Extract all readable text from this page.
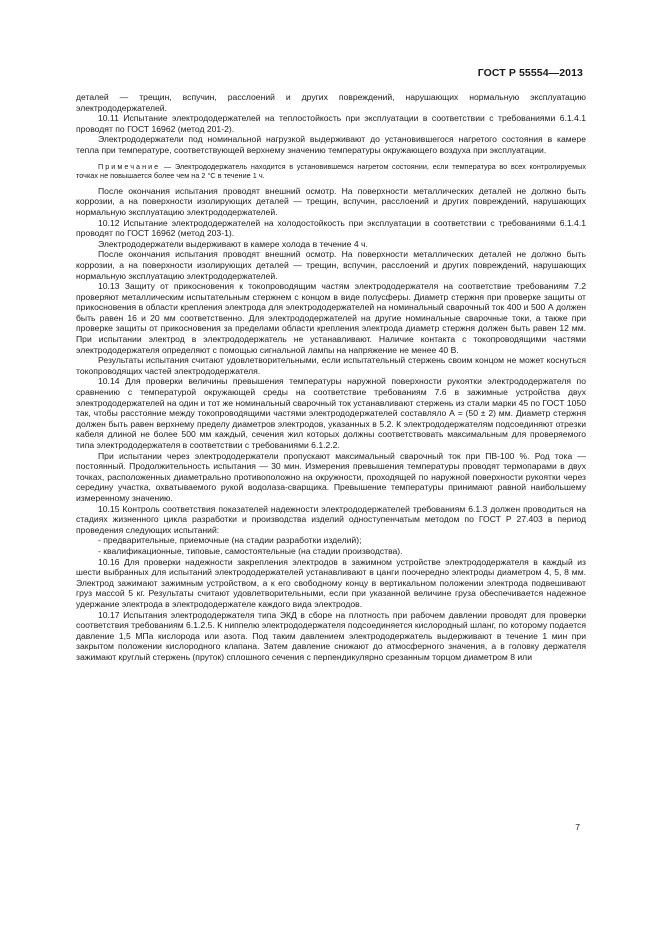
ГОСТ Р 55554—2013

деталей — трещин, вспучин, расслоений и других повреждений, нарушающих нормальную эксплуатацию электрододержателей.

10.11 Испытание электрододержателей на теплостойкость при эксплуатации в соответствии с требованиями 6.1.4.1 проводят по ГОСТ 16962 (метод 201-2).

Электрододержатели под номинальной нагрузкой выдерживают до установившегося нагретого состояния в камере тепла при температуре, соответствующей верхнему значению температуры окружающего воздуха при эксплуатации.

Примечание — Электрододержатель находится в установившемся нагретом состоянии, если температура во всех контролируемых точках не повышается более чем на 2 °С в течение 1 ч.

После окончания испытания проводят внешний осмотр. На поверхности металлических деталей не должно быть коррозии, а на поверхности изолирующих деталей — трещин, вспучин, расслоений и других повреждений, нарушающих нормальную эксплуатацию электрододержателей.

10.12 Испытание электрододержателей на холодостойкость при эксплуатации в соответствии с требованиями 6.1.4.1 проводят по ГОСТ 16962 (метод 203-1).

Электрододержатели выдерживают в камере холода в течение 4 ч.

После окончания испытания проводят внешний осмотр. На поверхности металлических деталей не должно быть коррозии, а на поверхности изолирующих деталей — трещин, вспучин, расслоений и других повреждений, нарушающих нормальную эксплуатацию электрододержателей.

10.13 Защиту от прикосновения к токопроводящим частям электрододержателя на соответствие требованиям 7.2 проверяют металлическим испытательным стержнем с концом в виде полусферы. Диаметр стержня при проверке защиты от прикосновения в области крепления электрода для электрододержателей на номинальный сварочный ток 400 и 500 А должен быть равен 16 и 20 мм соответственно. Для электрододержателей на другие номинальные сварочные токи, а также при проверке защиты от прикосновения за пределами области крепления электрода диаметр стержня должен быть равен 12 мм. При испытании электрод в электрододержатель не устанавливают. Наличие контакта с токопроводящими частями электрододержателя определяют с помощью сигнальной лампы на напряжение не менее 40 В.

Результаты испытания считают удовлетворительными, если испытательный стержень своим концом не может коснуться токопроводящих частей электрододержателя.

10.14 Для проверки величины превышения температуры наружной поверхности рукоятки электрододержателя по сравнению с температурой окружающей среды на соответствие требованиям 7.6 в зажимные устройства двух электрододержателей на один и тот же номинальный сварочный ток устанавливают стержень из стали марки 45 по ГОСТ 1050 так, чтобы расстояние между токопроводящими частями электрододержателей составляло А = (50 ± 2) мм. Диаметр стержня должен быть равен верхнему пределу диаметров электродов, указанных в 5.2. К электрододержателям подсоединяют отрезки кабеля длиной не более 500 мм каждый, сечения жил которых должны соответствовать максимальным для проверяемого типа электрододержателя в соответствии с требованиями 6.1.2.2.

При испытании через электрододержатели пропускают максимальный сварочный ток при ПВ-100 %. Род тока — постоянный. Продолжительность испытания — 30 мин. Измерения превышения температуры проводят термопарами в двух точках, расположенных диаметрально противоположно на окружности, проходящей по наружной поверхности рукоятки через середину участка, охватываемого рукой водолаза-сварщика. Превышение температуры принимают равной наибольшему измеренному значению.

10.15 Контроль соответствия показателей надежности электрододержателей требованиям 6.1.3 должен проводиться на стадиях жизненного цикла разработки и производства изделий одноступенчатым методом по ГОСТ Р 27.403 в период проведения следующих испытаний:

- предварительные, приемочные (на стадии разработки изделий);

- квалификационные, типовые, самостоятельные (на стадии производства).

10.16 Для проверки надежности закрепления электродов в зажимном устройстве электрододержателя в каждый из шести выбранных для испытаний электрододержателей устанавливают в цанги поочередно электроды диаметром 4, 5, 8 мм. Электрод зажимают зажимным устройством, а к его свободному концу в вертикальном положении электрода подвешивают груз массой 5 кг. Результаты считают удовлетворительными, если при указанной величине груза обеспечивается надежное удержание электрода в электрододержателе каждого вида электродов.

10.17 Испытания электрододержателя типа ЭКД в сборе на плотность при рабочем давлении проводят для проверки соответствия требованиям 6.1.2.5. К ниппелю электрододержателя подсоединяется кислородный шланг, по которому подается давление 1,5 МПа кислорода или азота. Под таким давлением электрододержатель выдерживают в течение 1 мин при закрытом положении кислородного клапана. Затем давление снижают до атмосферного значения, а в головку держателя зажимают круглый стержень (пруток) сплошного сечения с перпендикулярно срезанным торцом диаметром 8 или

7
